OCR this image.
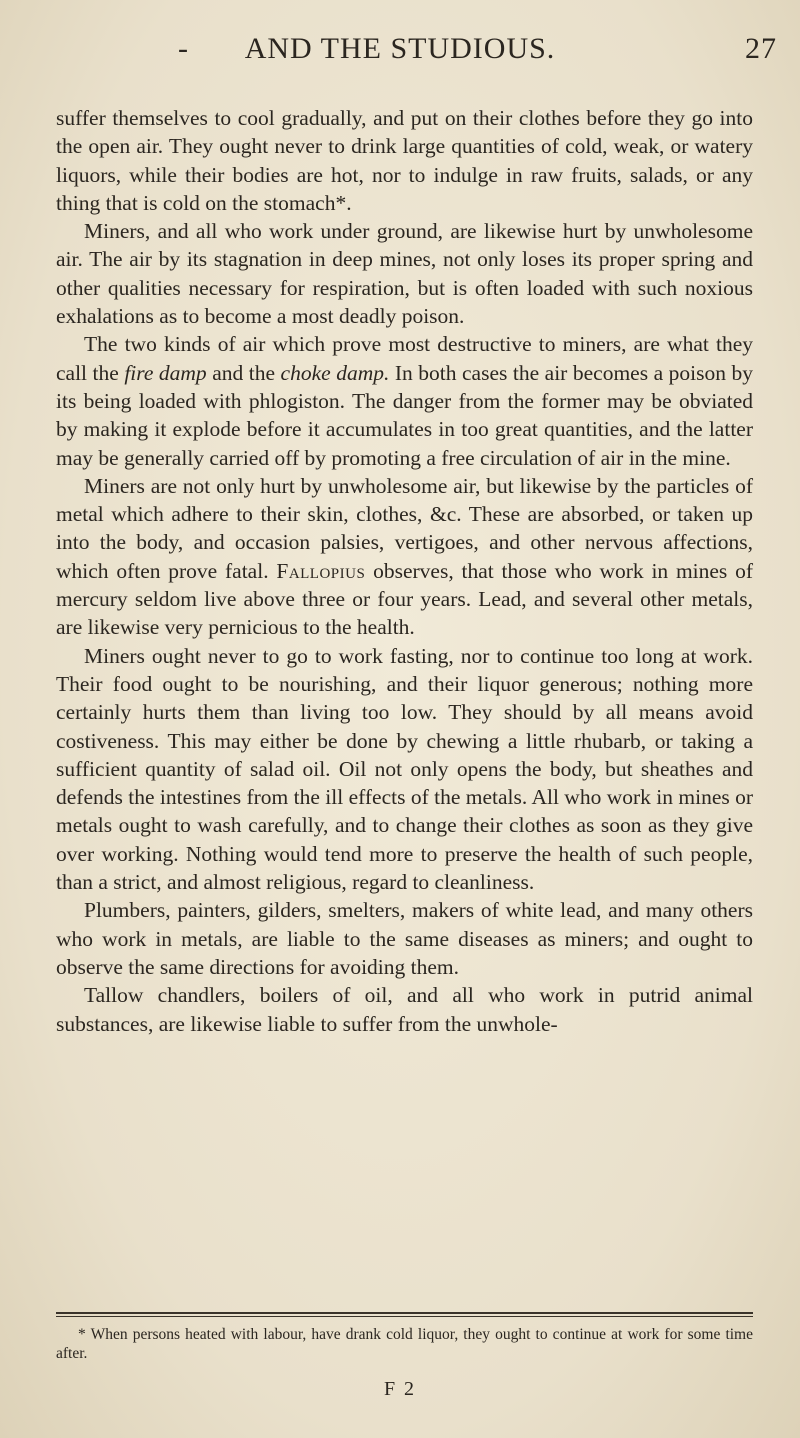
-	AND THE STUDIOUS.	27

suffer themselves to cool gradually, and put on their clothes before they go into the open air. They ought never to drink large quantities of cold, weak, or watery liquors, while their bodies are hot, nor to indulge in raw fruits, salads, or any thing that is cold on the stomach*.

Miners, and all who work under ground, are likewise hurt by unwholesome air. The air by its stagnation in deep mines, not only loses its proper spring and other qualities necessary for respiration, but is often loaded with such noxious exhalations as to become a most deadly poison.

The two kinds of air which prove most destructive to miners, are what they call the fire damp and the choke damp. In both cases the air becomes a poison by its being loaded with phlogiston. The danger from the former may be obviated by making it explode before it accumulates in too great quantities, and the latter may be generally carried off by promoting a free circulation of air in the mine.

Miners are not only hurt by unwholesome air, but likewise by the particles of metal which adhere to their skin, clothes, &c. These are absorbed, or taken up into the body, and occasion palsies, vertigoes, and other nervous affections, which often prove fatal. Fallopius observes, that those who work in mines of mercury seldom live above three or four years. Lead, and several other metals, are likewise very pernicious to the health.

Miners ought never to go to work fasting, nor to continue too long at work. Their food ought to be nourishing, and their liquor generous; nothing more certainly hurts them than living too low. They should by all means avoid costiveness. This may either be done by chewing a little rhubarb, or taking a sufficient quantity of salad oil. Oil not only opens the body, but sheathes and defends the intestines from the ill effects of the metals. All who work in mines or metals ought to wash carefully, and to change their clothes as soon as they give over working. Nothing would tend more to preserve the health of such people, than a strict, and almost religious, regard to cleanliness.

Plumbers, painters, gilders, smelters, makers of white lead, and many others who work in metals, are liable to the same diseases as miners; and ought to observe the same directions for avoiding them.

Tallow chandlers, boilers of oil, and all who work in putrid animal substances, are likewise liable to suffer from the unwhole-

* When persons heated with labour, have drank cold liquor, they ought to continue at work for some time after.
F 2
